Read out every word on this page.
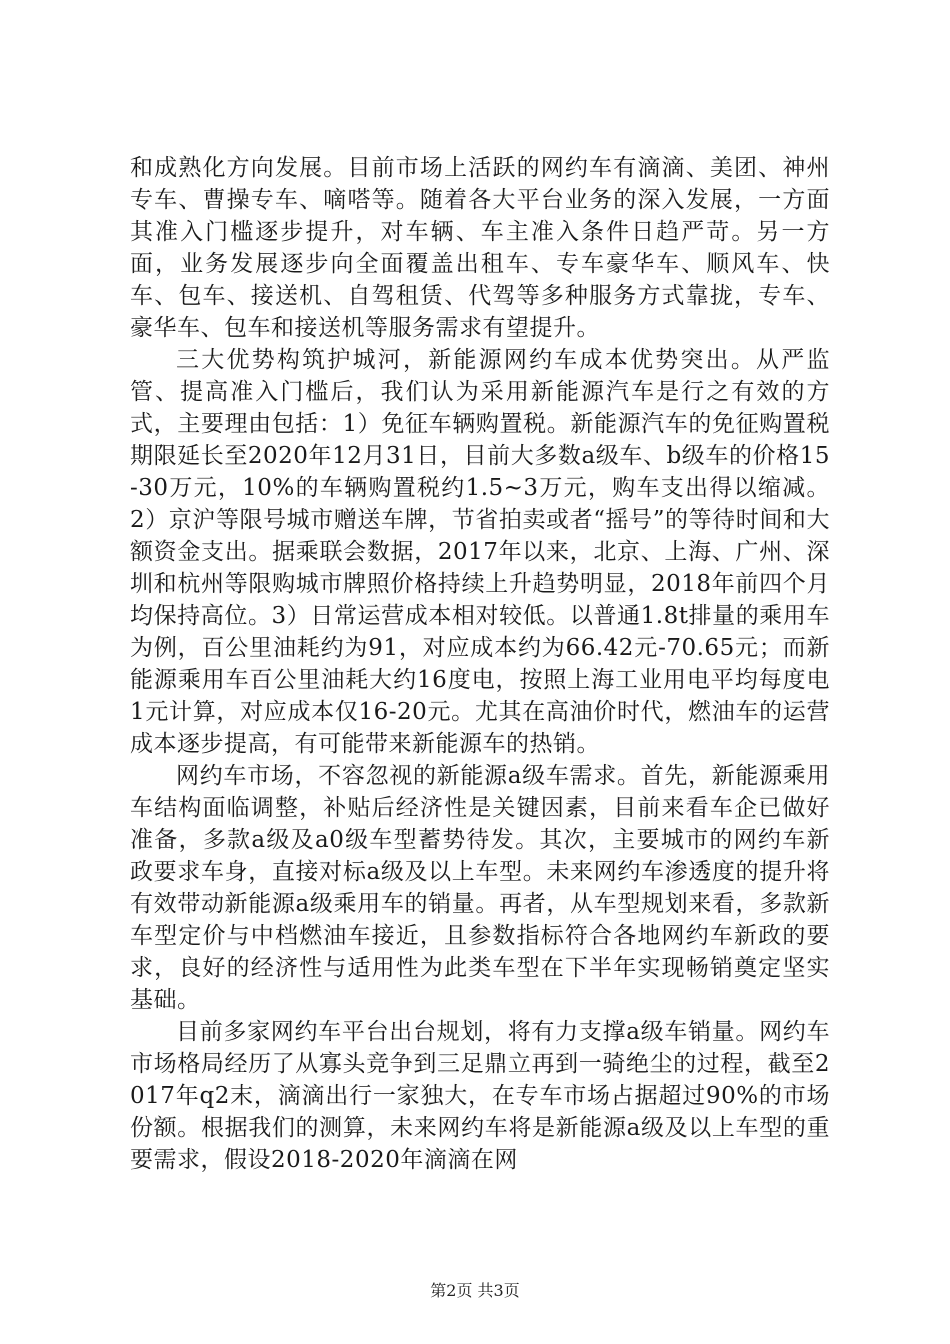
和成熟化方向发展。目前市场上活跃的网约车有滴滴、美团、神州专车、曹操专车、嘀嗒等。随着各大平台业务的深入发展，一方面其准入门槛逐步提升，对车辆、车主准入条件日趋严苛。另一方面，业务发展逐步向全面覆盖出租车、专车豪华车、顺风车、快车、包车、接送机、自驾租赁、代驾等多种服务方式靠拢，专车、豪华车、包车和接送机等服务需求有望提升。

三大优势构筑护城河，新能源网约车成本优势突出。从严监管、提高准入门槛后，我们认为采用新能源汽车是行之有效的方式，主要理由包括：1）免征车辆购置税。新能源汽车的免征购置税期限延长至2020年12月31日，目前大多数a级车、b级车的价格15-30万元，10%的车辆购置税约1.5~3万元，购车支出得以缩减。2）京沪等限号城市赠送车牌，节省拍卖或者“摇号”的等待时间和大额资金支出。据乘联会数据，2017年以来，北京、上海、广州、深圳和杭州等限购城市牌照价格持续上升趋势明显，2018年前四个月均保持高位。3）日常运营成本相对较低。以普通1.8t排量的乘用车为例，百公里油耗约为91，对应成本约为66.42元-70.65元；而新能源乘用车百公里油耗大约16度电，按照上海工业用电平均每度电1元计算，对应成本仅16-20元。尤其在高油价时代，燃油车的运营成本逐步提高，有可能带来新能源车的热销。

网约车市场，不容忽视的新能源a级车需求。首先，新能源乘用车结构面临调整，补贴后经济性是关键因素，目前来看车企已做好准备，多款a级及a0级车型蓄势待发。其次，主要城市的网约车新政要求车身，直接对标a级及以上车型。未来网约车渗透度的提升将有效带动新能源a级乘用车的销量。再者，从车型规划来看，多款新车型定价与中档燃油车接近，且参数指标符合各地网约车新政的要求，良好的经济性与适用性为此类车型在下半年实现畅销奠定坚实基础。

目前多家网约车平台出台规划，将有力支撑a级车销量。网约车市场格局经历了从寡头竞争到三足鼎立再到一骑绝尘的过程，截至2017年q2末，滴滴出行一家独大，在专车市场占据超过90%的市场份额。根据我们的测算，未来网约车将是新能源a级及以上车型的重要需求，假设2018-2020年滴滴在网

第2页 共3页
